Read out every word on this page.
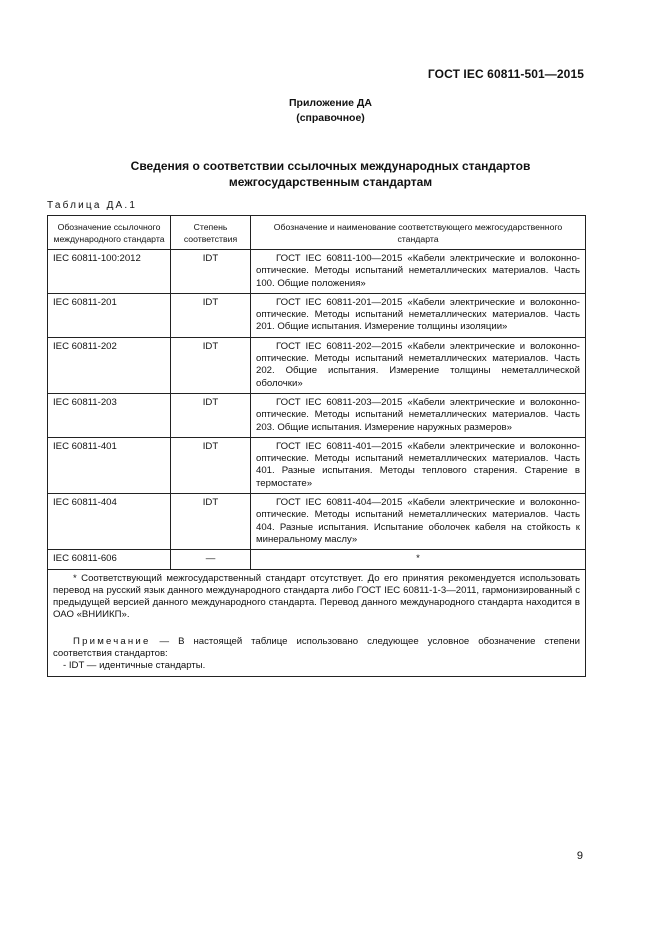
ГОСТ IEC 60811-501—2015
Приложение ДА
(справочное)
Сведения о соответствии ссылочных международных стандартов
межгосударственным стандартам
Таблица ДА.1
Обозначение ссылочного международного стандарта	Степень соответствия	Обозначение и наименование соответствующего межгосударственного стандарта
IEC 60811-100:2012	IDT	ГОСТ IEC 60811-100—2015 «Кабели электрические и волоконно-оптические. Методы испытаний неметаллических материалов. Часть 100. Общие положения»
IEC 60811-201	IDT	ГОСТ IEC 60811-201—2015 «Кабели электрические и волоконно-оптические. Методы испытаний неметаллических материалов. Часть 201. Общие испытания. Измерение толщины изоляции»
IEC 60811-202	IDT	ГОСТ IEC 60811-202—2015 «Кабели электрические и волоконно-оптические. Методы испытаний неметаллических материалов. Часть 202. Общие испытания. Измерение толщины неметаллической оболочки»
IEC 60811-203	IDT	ГОСТ IEC 60811-203—2015 «Кабели электрические и волоконно-оптические. Методы испытаний неметаллических материалов. Часть 203. Общие испытания. Измерение наружных размеров»
IEC 60811-401	IDT	ГОСТ IEC 60811-401—2015 «Кабели электрические и волоконно-оптические. Методы испытаний неметаллических материалов. Часть 401. Разные испытания. Методы теплового старения. Старение в термостате»
IEC 60811-404	IDT	ГОСТ IEC 60811-404—2015 «Кабели электрические и волоконно-оптические. Методы испытаний неметаллических материалов. Часть 404. Разные испытания. Испытание оболочек кабеля на стойкость к минеральному маслу»
IEC 60811-606	—	*

* Соответствующий межгосударственный стандарт отсутствует. До его принятия рекомендуется использовать перевод на русский язык данного международного стандарта либо ГОСТ IEC 60811-1-3—2011, гармонизированный с предыдущей версией данного международного стандарта. Перевод данного международного стандарта находится в ОАО «ВНИИКП».

Примечание — В настоящей таблице использовано следующее условное обозначение степени соответствия стандартов:

- IDT — идентичные стандарты.		

9
